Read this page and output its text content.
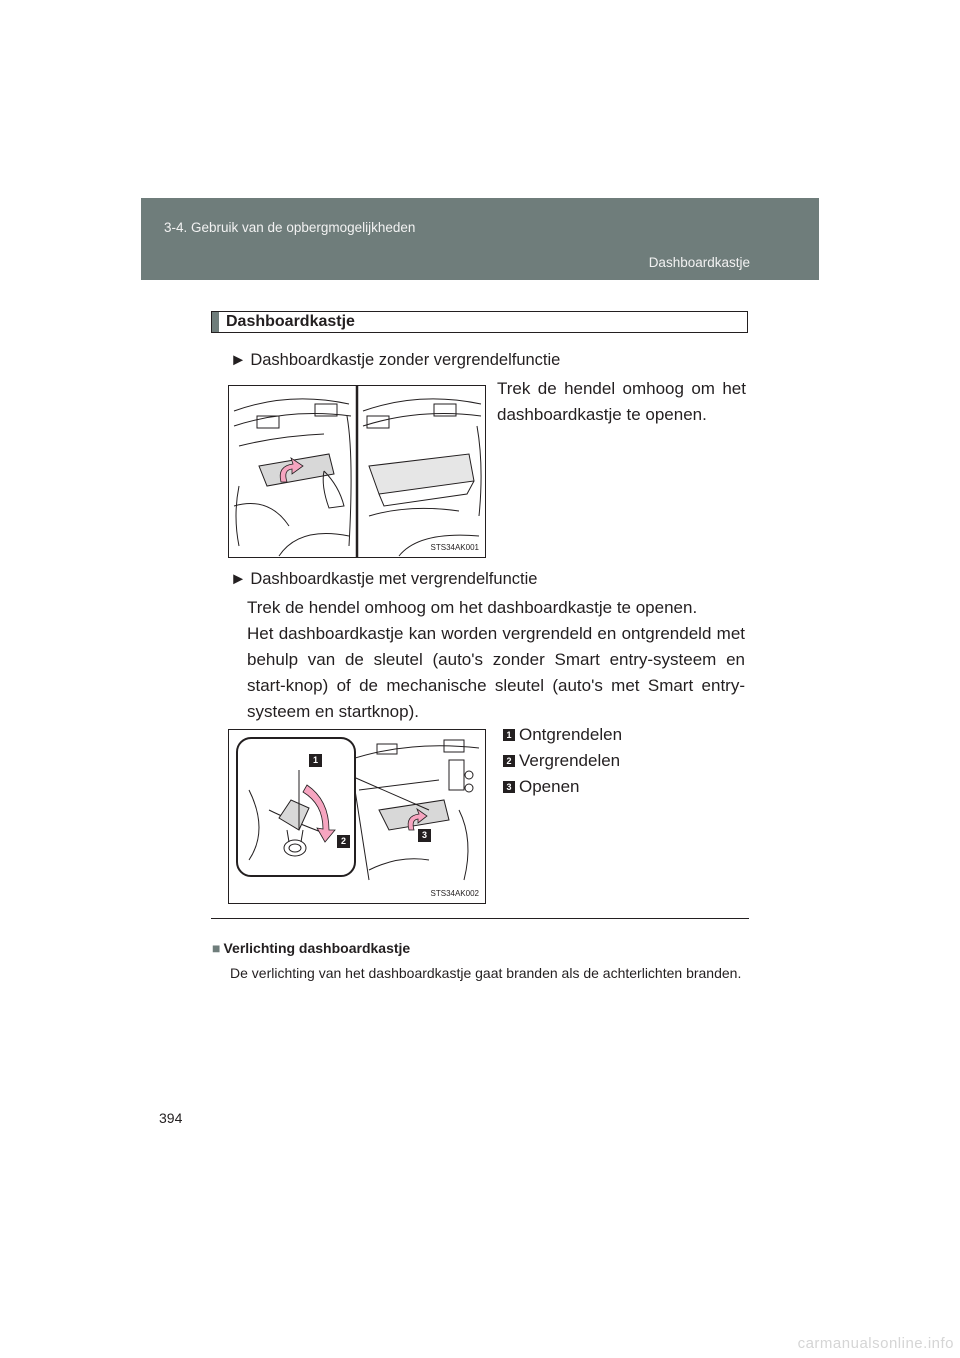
3-4. Gebruik van de opbergmogelijkheden
Dashboardkastje
Dashboardkastje
► Dashboardkastje zonder vergrendelfunctie
Trek de hendel omhoog om het dashboardkastje te openen.
STS34AK001
► Dashboardkastje met vergrendelfunctie
Trek de hendel omhoog om het dashboardkastje te openen.
Het dashboardkastje kan worden vergrendeld en ontgrendeld met behulp van de sleutel (auto's zonder Smart entry-systeem en start-knop) of de mechanische sleutel (auto's met Smart entry-systeem en startknop).
1
2
3
STS34AK002
1 Ontgrendelen
2 Vergrendelen
3 Openen
■ Verlichting dashboardkastje
De verlichting van het dashboardkastje gaat branden als de achterlichten branden.
394
carmanualsonline.info
